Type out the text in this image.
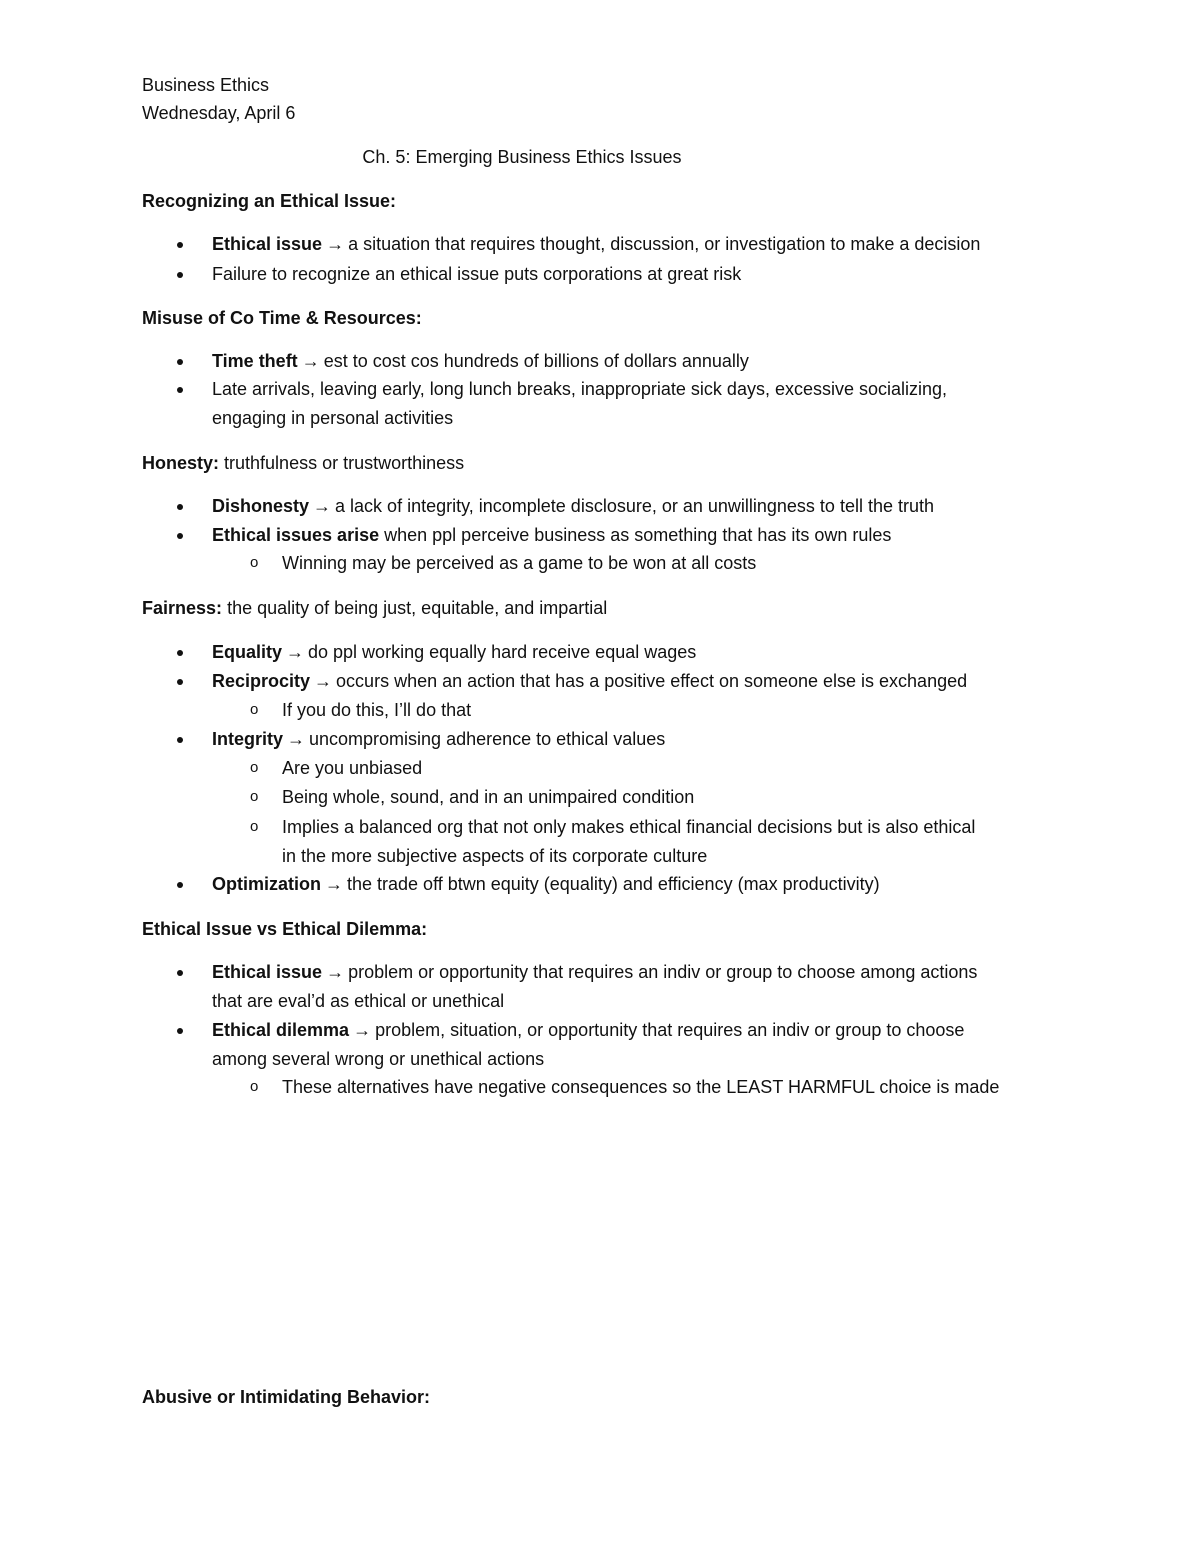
Business Ethics
Wednesday, April 6
Ch. 5: Emerging Business Ethics Issues
Recognizing an Ethical Issue:
Ethical issue → a situation that requires thought, discussion, or investigation to make a decision
Failure to recognize an ethical issue puts corporations at great risk
Misuse of Co Time & Resources:
Time theft → est to cost cos hundreds of billions of dollars annually
Late arrivals, leaving early, long lunch breaks, inappropriate sick days, excessive socializing,
engaging in personal activities
Honesty: truthfulness or trustworthiness
Dishonesty → a lack of integrity, incomplete disclosure, or an unwillingness to tell the truth
Ethical issues arise when ppl perceive business as something that has its own rules
o Winning may be perceived as a game to be won at all costs
Fairness: the quality of being just, equitable, and impartial
Equality → do ppl working equally hard receive equal wages
Reciprocity → occurs when an action that has a positive effect on someone else is exchanged
o If you do this, I’ll do that
Integrity → uncompromising adherence to ethical values
o Are you unbiased
o Being whole, sound, and in an unimpaired condition
o Implies a balanced org that not only makes ethical financial decisions but is also ethical
in the more subjective aspects of its corporate culture
Optimization → the trade off btwn equity (equality) and efficiency (max productivity)
Ethical Issue vs Ethical Dilemma:
Ethical issue → problem or opportunity that requires an indiv or group to choose among actions
that are eval’d as ethical or unethical
Ethical dilemma → problem, situation, or opportunity that requires an indiv or group to choose
among several wrong or unethical actions
o These alternatives have negative consequences so the LEAST HARMFUL choice is made
Abusive or Intimidating Behavior:
